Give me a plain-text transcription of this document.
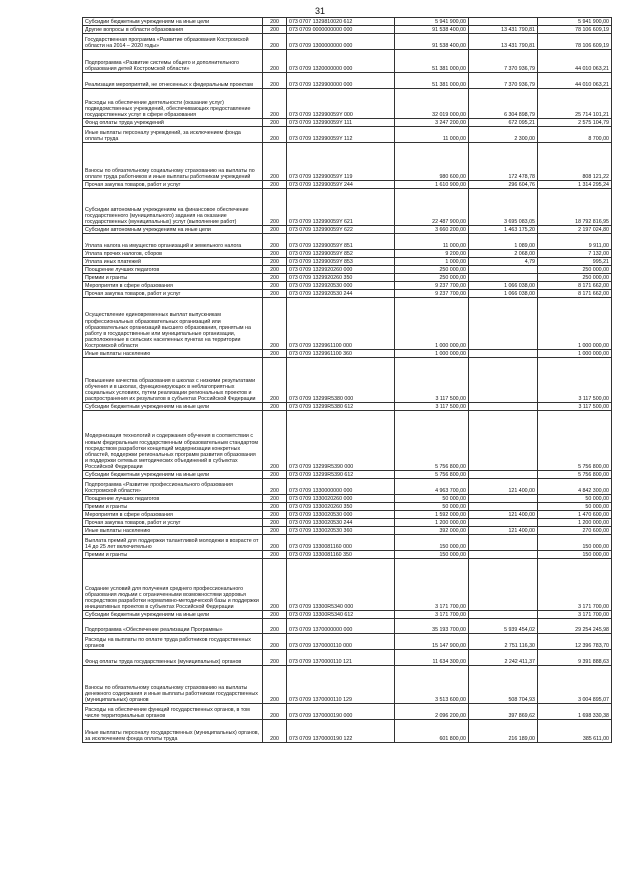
31
Субсидии бюджетным учреждениям на иные цели	200	073 0707 1329810020 612	5 941 900,00		5 941 900,00
Другие вопросы в области образования	200	073 0709 0000000000 000	91 538 400,00	13 431 790,81	78 106 609,19
Государственная программа «Развитие образования Костромской области на 2014 – 2020 годы»	200	073 0709 1300000000 000	91 538 400,00	13 431 790,81	78 106 609,19
Подпрограмма «Развитие системы общего и дополнительного образования детей Костромской области»	200	073 0709 1320000000 000	51 381 000,00	7 370 936,79	44 010 063,21
Реализация мероприятий, не отнесенных к федеральным проектам	200	073 0709 1329900000 000	51 381 000,00	7 370 936,79	44 010 063,21
Расходы на обеспечение деятельности (оказание услуг) подведомственных учреждений, обеспечивающих предоставление государственных услуг в сфере образования	200	073 0709 132990059Y 000	32 019 000,00	6 304 898,79	25 714 101,21
Фонд оплаты труда учреждений	200	073 0709 132990059Y 111	3 247 200,00	672 095,21	2 575 104,79
Иные выплаты персоналу учреждений, за исключением фонда оплаты труда	200	073 0709 132990059Y 112	11 000,00	2 300,00	8 700,00
Взносы по обязательному социальному страхованию на выплаты по оплате труда работников и иные выплаты работникам учреждений	200	073 0709 132990059Y 119	980 600,00	172 478,78	808 121,22
Прочая закупка товаров, работ и услуг	200	073 0709 132990059Y 244	1 610 900,00	296 604,76	1 314 295,24
Субсидии автономным учреждениям на финансовое обеспечение государственного (муниципального) задания на оказание государственных (муниципальных) услуг (выполнение работ)	200	073 0709 132990059Y 621	22 487 900,00	3 695 083,05	18 792 816,95
Субсидии автономным учреждениям на иные цели	200	073 0709 132990059Y 622	3 660 200,00	1 463 175,20	2 197 024,80
Уплата налога на имущество организаций и земельного налога	200	073 0709 132990059Y 851	11 000,00	1 089,00	9 911,00
Уплата прочих налогов, сборов	200	073 0709 132990059Y 852	9 200,00	2 068,00	7 132,00
Уплата иных платежей	200	073 0709 132990059Y 853	1 000,00	4,79	995,21
Поощрение лучших педагогов	200	073 0709 1329920260 000	250 000,00		250 000,00
Премии и гранты	200	073 0709 1329920260 350	250 000,00		250 000,00
Мероприятия в сфере образования	200	073 0709 1329920530 000	9 237 700,00	1 066 038,00	8 171 662,00
Прочая закупка товаров, работ и услуг	200	073 0709 1329920530 244	9 237 700,00	1 066 038,00	8 171 662,00
Осуществление единовременных выплат выпускникам профессиональных образовательных организаций или образовательных организаций высшего образования, принятым на работу в государственные или муниципальные организации, расположенные в сельских населенных пунктах на территории Костромской области	200	073 0709 1329961100 000	1 000 000,00		1 000 000,00
Иные выплаты населению	200	073 0709 1329961100 360	1 000 000,00		1 000 000,00
Повышение качества образования в школах с низкими результатами обучения и в школах, функционирующих в неблагоприятных социальных условиях, путем реализации региональных проектов и распространения их результатов в субъектах Российской Федерации	200	073 0709 13299R5380 000	3 117 500,00		3 117 500,00
Субсидии бюджетным учреждениям на иные цели	200	073 0709 13299R5380 612	3 117 500,00		3 117 500,00
Модернизация технологий и содержания обучения в соответствии с новым федеральным государственным образовательным стандартом посредством разработки концепций модернизации конкретных областей, поддержки региональных программ развития образования и поддержки сетевых методических объединений в субъектах Российской Федерации	200	073 0709 13299R5390 000	5 756 800,00		5 756 800,00
Субсидии бюджетным учреждениям на иные цели	200	073 0709 13299R5390 612	5 756 800,00		5 756 800,00
Подпрограмма «Развитие профессионального образования Костромской области»	200	073 0709 1330000000 000	4 963 700,00	121 400,00	4 842 300,00
Поощрение лучших педагогов	200	073 0709 1330020260 000	50 000,00		50 000,00
Премии и гранты	200	073 0709 1330020260 350	50 000,00		50 000,00
Мероприятия в сфере образования	200	073 0709 1330020530 000	1 592 000,00	121 400,00	1 470 600,00
Прочая закупка товаров, работ и услуг	200	073 0709 1330020530 244	1 200 000,00		1 200 000,00
Иные выплаты населению	200	073 0709 1330020530 360	392 000,00	121 400,00	270 600,00
Выплата премий для поддержки талантливой молодежи в возрасте от 14 до 25 лет включительно	200	073 0709 1330081160 000	150 000,00		150 000,00
Премии и гранты	200	073 0709 1330081160 350	150 000,00		150 000,00
Создание условий для получения среднего профессионального образования людьми с ограниченными возможностями здоровья посредством разработки нормативно-методической базы и поддержки инициативных проектов в субъектах Российской Федерации	200	073 0709 13300R5340 000	3 171 700,00		3 171 700,00
Субсидии бюджетным учреждениям на иные цели	200	073 0709 13300R5340 612	3 171 700,00		3 171 700,00
Подпрограмма «Обеспечение реализации Программы»	200	073 0709 1370000000 000	35 193 700,00	5 939 454,02	29 254 245,98
Расходы на выплаты по оплате труда работников государственных органов	200	073 0709 1370000110 000	15 147 900,00	2 751 116,30	12 396 783,70
Фонд оплаты труда государственных (муниципальных) органов	200	073 0709 1370000110 121	11 634 300,00	2 242 411,37	9 391 888,63
Взносы по обязательному социальному страхованию на выплаты денежного содержания и иные выплаты работникам государственных (муниципальных) органов	200	073 0709 1370000110 129	3 513 600,00	508 704,93	3 004 895,07
Расходы на обеспечение функций государственных органов, в том числе территориальных органов	200	073 0709 1370000190 000	2 096 200,00	397 869,62	1 698 330,38
Иные выплаты персоналу государственных (муниципальных) органов, за исключением фонда оплаты труда	200	073 0709 1370000190 122	601 800,00	216 189,00	385 611,00
